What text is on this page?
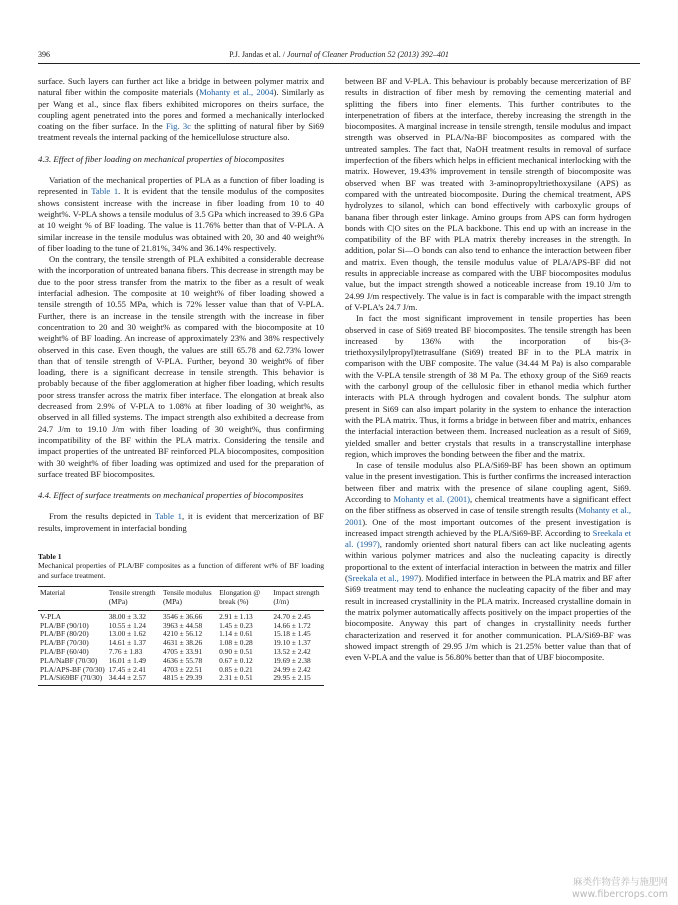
396	P.J. Jandas et al. / Journal of Cleaner Production 52 (2013) 392–401

surface. Such layers can further act like a bridge in between polymer matrix and natural fiber within the composite materials (Mohanty et al., 2004). Similarly as per Wang et al., since flax fibers exhibited micropores on theirs surface, the coupling agent penetrated into the pores and formed a mechanically interlocked coating on the fiber surface. In the Fig. 3c the splitting of natural fiber by Si69 treatment reveals the internal packing of the hemicellulose structure also.

4.3. Effect of fiber loading on mechanical properties of biocomposites

Variation of the mechanical properties of PLA as a function of fiber loading is represented in Table 1. It is evident that the tensile modulus of the composites shows consistent increase with the increase in fiber loading from 10 to 40 weight%. V-PLA shows a tensile modulus of 3.5 GPa which increased to 39.6 GPa at 10 weight % of BF loading. The value is 11.76% better than that of V-PLA. A similar increase in the tensile modulus was obtained with 20, 30 and 40 weight% of fiber loading to the tune of 21.81%, 34% and 36.14% respectively.

On the contrary, the tensile strength of PLA exhibited a considerable decrease with the incorporation of untreated banana fibers. This decrease in strength may be due to the poor stress transfer from the matrix to the fiber as a result of weak interfacial adhesion. The composite at 10 weight% of fiber loading showed a tensile strength of 10.55 MPa, which is 72% lesser value than that of V-PLA. Further, there is an increase in the tensile strength with the increase in fiber concentration to 20 and 30 weight% as compared with the biocomposite at 10 weight% of BF loading. An increase of approximately 23% and 38% respectively observed in this case. Even though, the values are still 65.78 and 62.73% lower than that of tensile strength of V-PLA. Further, beyond 30 weight% of fiber loading, there is a significant decrease in tensile strength. This behavior is probably because of the fiber agglomeration at higher fiber loading, which results poor stress transfer across the matrix fiber interface. The elongation at break also decreased from 2.9% of V-PLA to 1.08% at fiber loading of 30 weight%, as observed in all filled systems. The impact strength also exhibited a decrease from 24.7 J/m to 19.10 J/m with fiber loading of 30 weight%, thus confirming incompatibility of the BF within the PLA matrix. Considering the tensile and impact properties of the untreated BF reinforced PLA biocomposites, composition with 30 weight% of fiber loading was optimized and used for the preparation of surface treated BF biocomposites.

4.4. Effect of surface treatments on mechanical properties of biocomposites

From the results depicted in Table 1, it is evident that mercerization of BF results, improvement in interfacial bonding

Table 1
Mechanical properties of PLA/BF composites as a function of different wt% of BF loading and surface treatment.
Material	Tensile strength (MPa)	Tensile modulus (MPa)	Elongation @ break (%)	Impact strength (J/m)
V-PLA	38.00 ± 3.32	3546 ± 36.66	2.91 ± 1.13	24.70 ± 2.45
PLA/BF (90/10)	10.55 ± 1.24	3963 ± 44.58	1.45 ± 0.23	14.66 ± 1.72
PLA/BF (80/20)	13.00 ± 1.62	4210 ± 56.12	1.14 ± 0.61	15.18 ± 1.45
PLA/BF (70/30)	14.61 ± 1.37	4631 ± 38.26	1.08 ± 0.28	19.10 ± 1.37
PLA/BF (60/40)	7.76 ± 1.83	4705 ± 33.91	0.90 ± 0.51	13.52 ± 2.42
PLA/NaBF (70/30)	16.01 ± 1.49	4636 ± 55.78	0.67 ± 0.12	19.69 ± 2.38
PLA/APS-BF (70/30)	17.45 ± 2.41	4703 ± 22.51	0.85 ± 0.21	24.99 ± 2.42
PLA/Si69BF (70/30)	34.44 ± 2.57	4815 ± 29.39	2.31 ± 0.51	29.95 ± 2.15

between BF and V-PLA. This behaviour is probably because mercerization of BF results in distraction of fiber mesh by removing the cementing material and splitting the fibers into finer elements. This further contributes to the interpenetration of fibers at the interface, thereby increasing the strength in the biocomposites. A marginal increase in tensile strength, tensile modulus and impact strength was observed in PLA/Na-BF biocomposites as compared with the untreated samples. The fact that, NaOH treatment results in removal of surface imperfection of the fibers which helps in efficient mechanical interlocking with the matrix. However, 19.43% improvement in tensile strength of biocomposite was observed when BF was treated with 3-aminopropyltriethoxysilane (APS) as compared with the untreated biocomposite. During the chemical treatment, APS hydrolyzes to silanol, which can bond effectively with carboxylic groups of banana fiber through ester linkage. Amino groups from APS can form hydrogen bonds with C|O sites on the PLA backbone. This end up with an increase in the compatibility of the BF with PLA matrix thereby increases in the strength. In addition, polar Si—O bonds can also tend to enhance the interaction between fiber and matrix. Even though, the tensile modulus value of PLA/APS-BF did not results in appreciable increase as compared with the UBF biocomposites modulus value, but the impact strength showed a noticeable increase from 19.10 J/m to 24.99 J/m respectively. The value is in fact is comparable with the impact strength of V-PLA’s 24.7 J/m.

In fact the most significant improvement in tensile properties has been observed in case of Si69 treated BF biocomposites. The tensile strength has been increased by 136% with the incorporation of bis-(3-triethoxysilylpropyl)tetrasulfane (Si69) treated BF in to the PLA matrix in comparison with the UBF composite. The value (34.44 M Pa) is also comparable with the V-PLA tensile strength of 38 M Pa. The ethoxy group of the Si69 reacts with the carbonyl group of the cellulosic fiber in ethanol media which further interacts with PLA through hydrogen and covalent bonds. The sulphur atom present in Si69 can also impart polarity in the system to enhance the interaction with the PLA matrix. Thus, it forms a bridge in between fiber and matrix, enhances the interfacial interaction between them. Increased nucleation as a result of Si69, yielded smaller and better crystals that results in a transcrystalline interphase region, which improves the bonding between the fiber and the matrix.

In case of tensile modulus also PLA/Si69-BF has been shown an optimum value in the present investigation. This is further confirms the increased interaction between fiber and matrix with the presence of silane coupling agent, Si69. According to Mohanty et al. (2001), chemical treatments have a significant effect on the fiber stiffness as observed in case of tensile strength results (Mohanty et al., 2001). One of the most important outcomes of the present investigation is increased impact strength achieved by the PLA/Si69-BF. According to Sreekala et al. (1997), randomly oriented short natural fibers can act like nucleating agents within various polymer matrices and also the nucleating capacity is directly proportional to the extent of interfacial interaction in between the matrix and filler (Sreekala et al., 1997). Modified interface in between the PLA matrix and BF after Si69 treatment may tend to enhance the nucleating capacity of the fiber and may result in increased crystallinity in the PLA matrix. Increased crystalline domain in the matrix polymer automatically affects positively on the impact properties of the biocomposite. Anyway this part of changes in crystallinity needs further characterization and reserved it for another communication. PLA/Si69-BF was showed impact strength of 29.95 J/m which is 21.25% better value than that of even V-PLA and the value is 56.80% better than that of UBF biocomposite.

麻类作物营养与施肥网
www.fibercrops.com
